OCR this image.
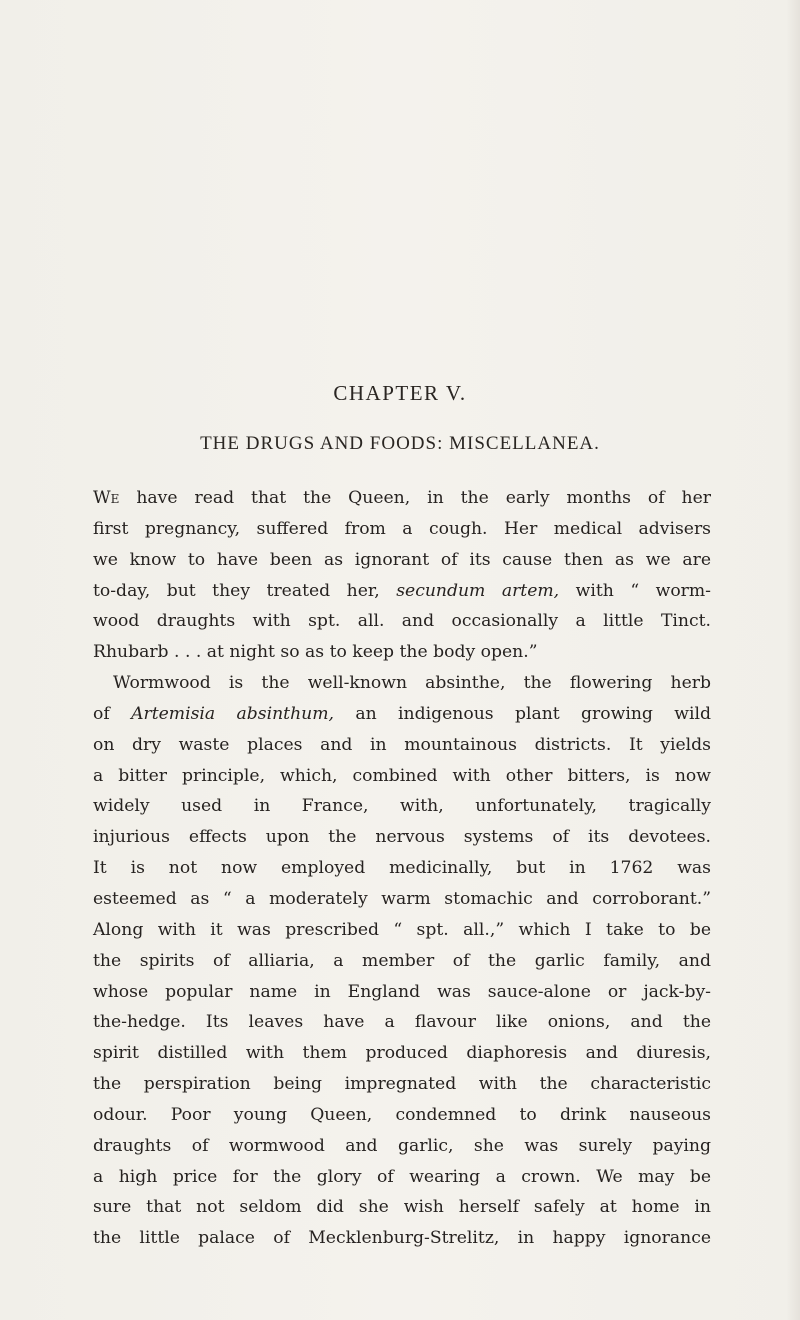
CHAPTER V.
THE DRUGS AND FOODS: MISCELLANEA.
We have read that the Queen, in the early months of her
first pregnancy, suffered from a cough. Her medical advisers
we know to have been as ignorant of its cause then as we are
to-day, but they treated her, secundum artem, with “ worm-
wood draughts with spt. all. and occasionally a little Tinct.
Rhubarb . . . at night so as to keep the body open.”
Wormwood is the well-known absinthe, the flowering herb
of Artemisia absinthum, an indigenous plant growing wild
on dry waste places and in mountainous districts. It yields
a bitter principle, which, combined with other bitters, is now
widely used in France, with, unfortunately, tragically
injurious effects upon the nervous systems of its devotees.
It is not now employed medicinally, but in 1762 was
esteemed as “ a moderately warm stomachic and corroborant.”
Along with it was prescribed “ spt. all.,” which I take to be
the spirits of alliaria, a member of the garlic family, and
whose popular name in England was sauce-alone or jack-by-
the-hedge. Its leaves have a flavour like onions, and the
spirit distilled with them produced diaphoresis and diuresis,
the perspiration being impregnated with the characteristic
odour. Poor young Queen, condemned to drink nauseous
draughts of wormwood and garlic, she was surely paying
a high price for the glory of wearing a crown. We may be
sure that not seldom did she wish herself safely at home in
the little palace of Mecklenburg-Strelitz, in happy ignorance
